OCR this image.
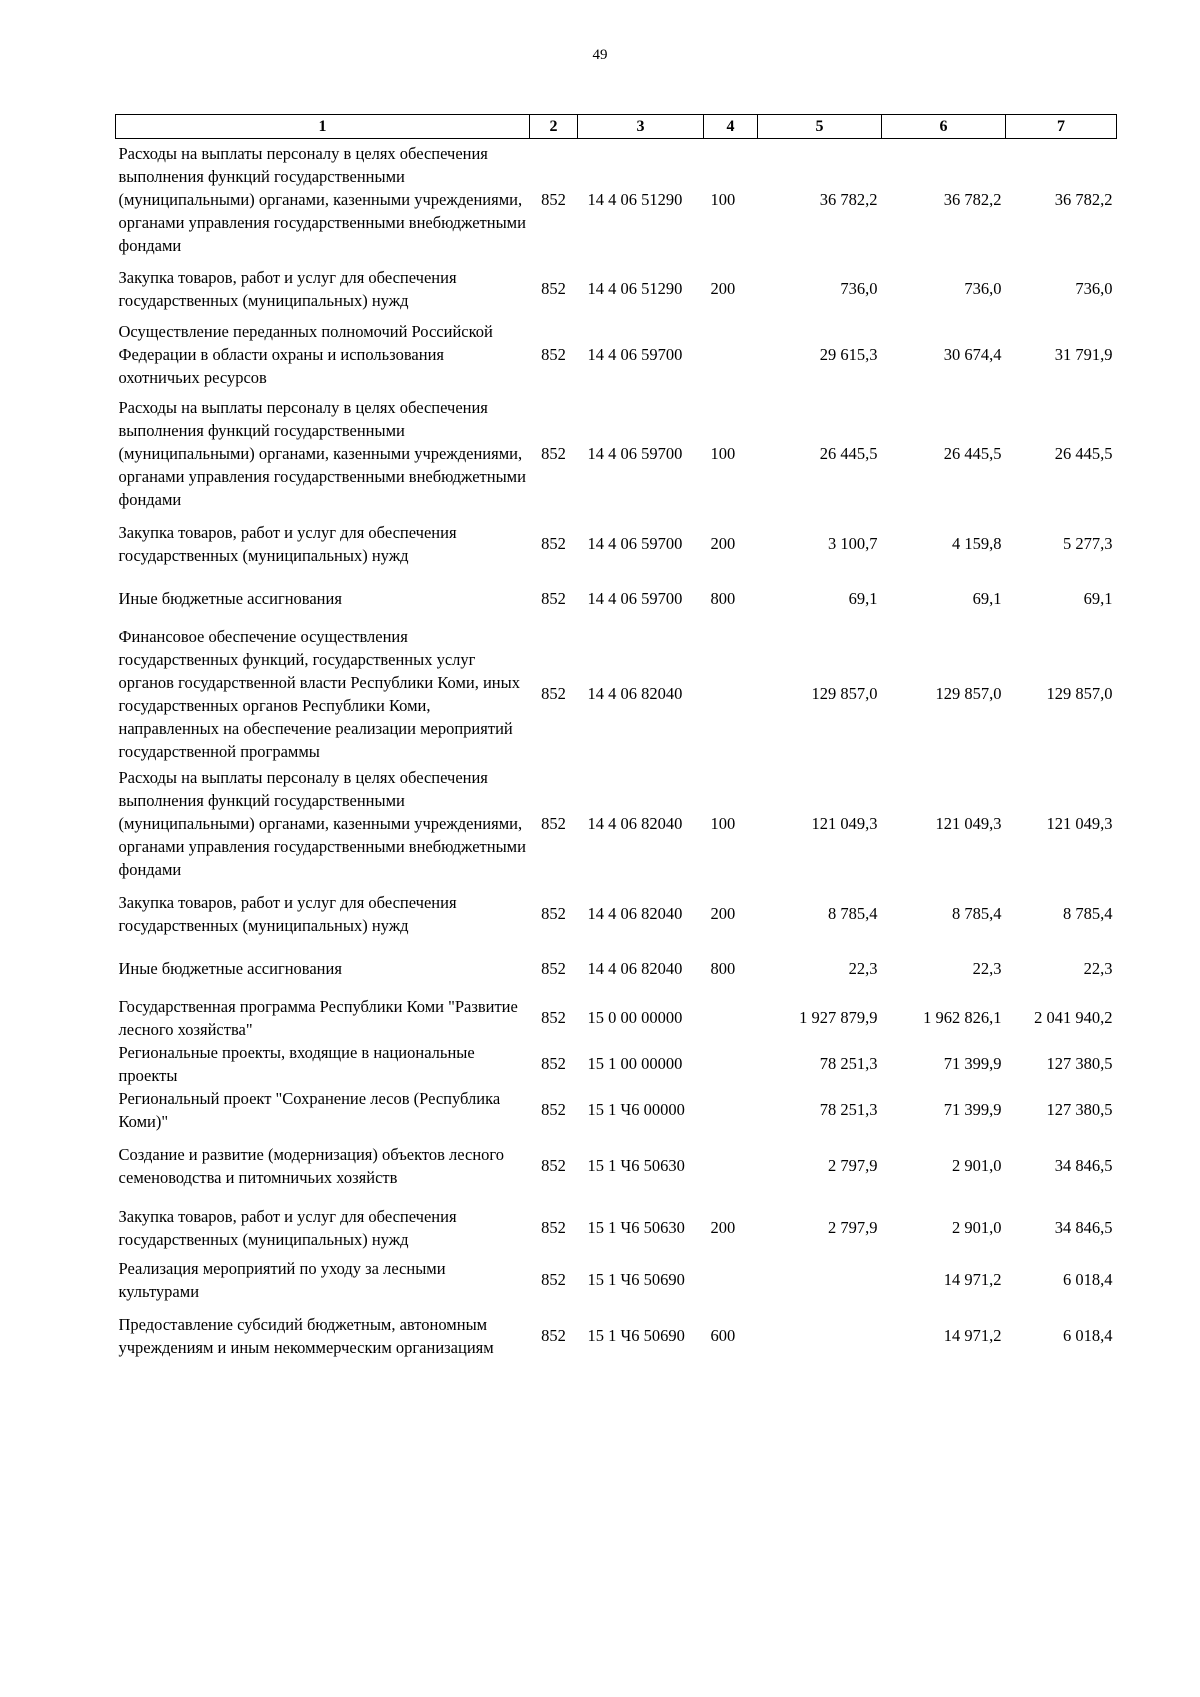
49
1	2	3	4	5	6	7
Расходы на выплаты персоналу в целях обеспечения выполнения функций государственными (муниципальными) органами, казенными учреждениями, органами управления государственными внебюджетными фондами	852	14 4 06 51290	100	36 782,2	36 782,2	36 782,2
Закупка товаров, работ и услуг для обеспечения государственных (муниципальных) нужд	852	14 4 06 51290	200	736,0	736,0	736,0
Осуществление переданных полномочий Российской Федерации в области охраны и использования охотничьих ресурсов	852	14 4 06 59700		29 615,3	30 674,4	31 791,9
Расходы на выплаты персоналу в целях обеспечения выполнения функций государственными (муниципальными) органами, казенными учреждениями, органами управления государственными внебюджетными фондами	852	14 4 06 59700	100	26 445,5	26 445,5	26 445,5
Закупка товаров, работ и услуг для обеспечения государственных (муниципальных) нужд	852	14 4 06 59700	200	3 100,7	4 159,8	5 277,3
Иные бюджетные ассигнования	852	14 4 06 59700	800	69,1	69,1	69,1
Финансовое обеспечение осуществления государственных функций, государственных услуг органов государственной власти Республики Коми, иных государственных органов Республики Коми, направленных на обеспечение реализации мероприятий государственной программы	852	14 4 06 82040		129 857,0	129 857,0	129 857,0
Расходы на выплаты персоналу в целях обеспечения выполнения функций государственными (муниципальными) органами, казенными учреждениями, органами управления государственными внебюджетными фондами	852	14 4 06 82040	100	121 049,3	121 049,3	121 049,3
Закупка товаров, работ и услуг для обеспечения государственных (муниципальных) нужд	852	14 4 06 82040	200	8 785,4	8 785,4	8 785,4
Иные бюджетные ассигнования	852	14 4 06 82040	800	22,3	22,3	22,3
Государственная программа Республики Коми "Развитие лесного хозяйства"	852	15 0 00 00000		1 927 879,9	1 962 826,1	2 041 940,2
Региональные проекты, входящие в национальные проекты	852	15 1 00 00000		78 251,3	71 399,9	127 380,5
Региональный проект "Сохранение лесов (Республика Коми)"	852	15 1 Ч6 00000		78 251,3	71 399,9	127 380,5
Создание и развитие (модернизация) объектов лесного семеноводства и питомничьих хозяйств	852	15 1 Ч6 50630		2 797,9	2 901,0	34 846,5
Закупка товаров, работ и услуг для обеспечения государственных (муниципальных) нужд	852	15 1 Ч6 50630	200	2 797,9	2 901,0	34 846,5
Реализация мероприятий по уходу за лесными культурами	852	15 1 Ч6 50690			14 971,2	6 018,4
Предоставление субсидий бюджетным, автономным учреждениям и иным некоммерческим организациям	852	15 1 Ч6 50690	600		14 971,2	6 018,4
